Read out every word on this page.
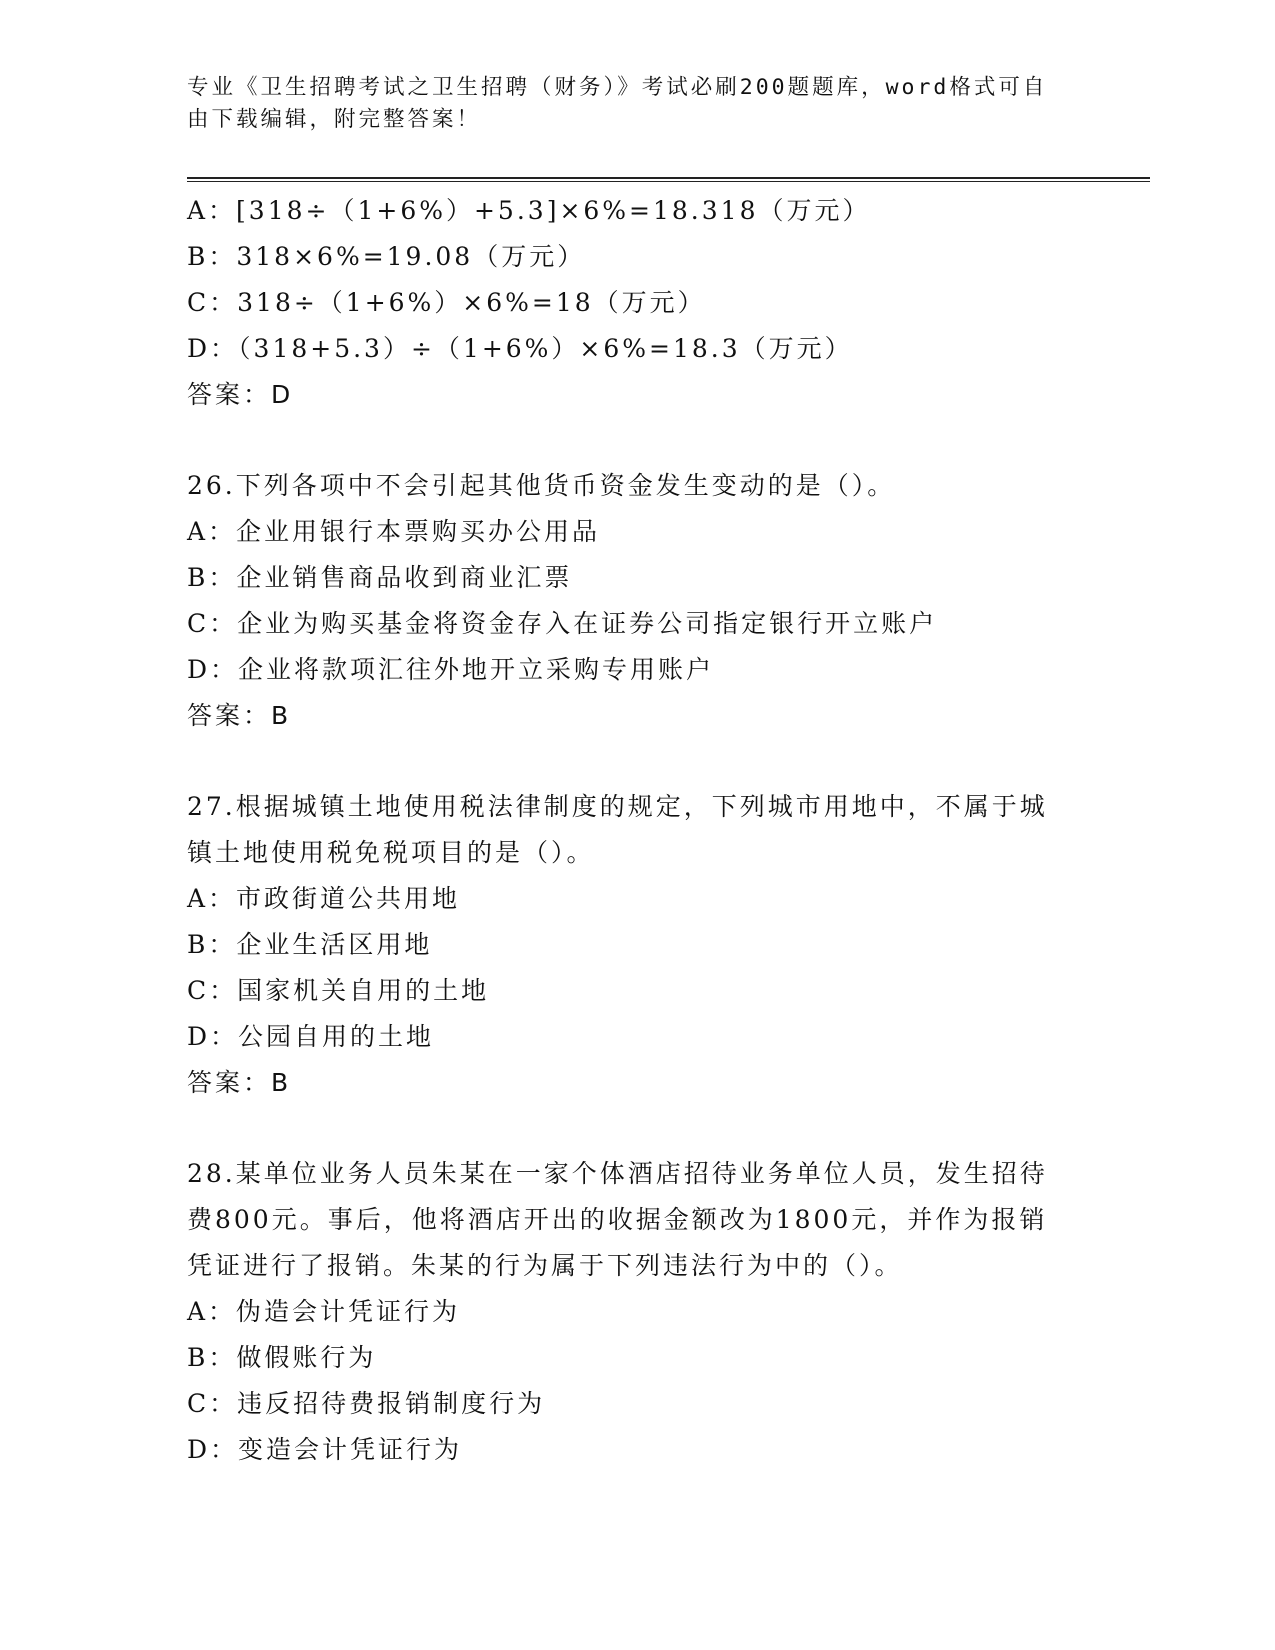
专业《卫生招聘考试之卫生招聘（财务）》考试必刷200题题库，word格式可自由下载编辑，附完整答案！
A：[318÷（1+6%）+5.3]×6%=18.318（万元）
B：318×6%=19.08（万元）
C：318÷（1+6%）×6%=18（万元）
D：（318+5.3）÷（1+6%）×6%=18.3（万元）
答案：D
26.下列各项中不会引起其他货币资金发生变动的是（）。
A：企业用银行本票购买办公用品
B：企业销售商品收到商业汇票
C：企业为购买基金将资金存入在证券公司指定银行开立账户
D：企业将款项汇往外地开立采购专用账户
答案：B
27.根据城镇土地使用税法律制度的规定，下列城市用地中，不属于城
镇土地使用税免税项目的是（）。
A：市政街道公共用地
B：企业生活区用地
C：国家机关自用的土地
D：公园自用的土地
答案：B
28.某单位业务人员朱某在一家个体酒店招待业务单位人员，发生招待
费800元。事后，他将酒店开出的收据金额改为1800元，并作为报销
凭证进行了报销。朱某的行为属于下列违法行为中的（）。
A：伪造会计凭证行为
B：做假账行为
C：违反招待费报销制度行为
D：变造会计凭证行为
